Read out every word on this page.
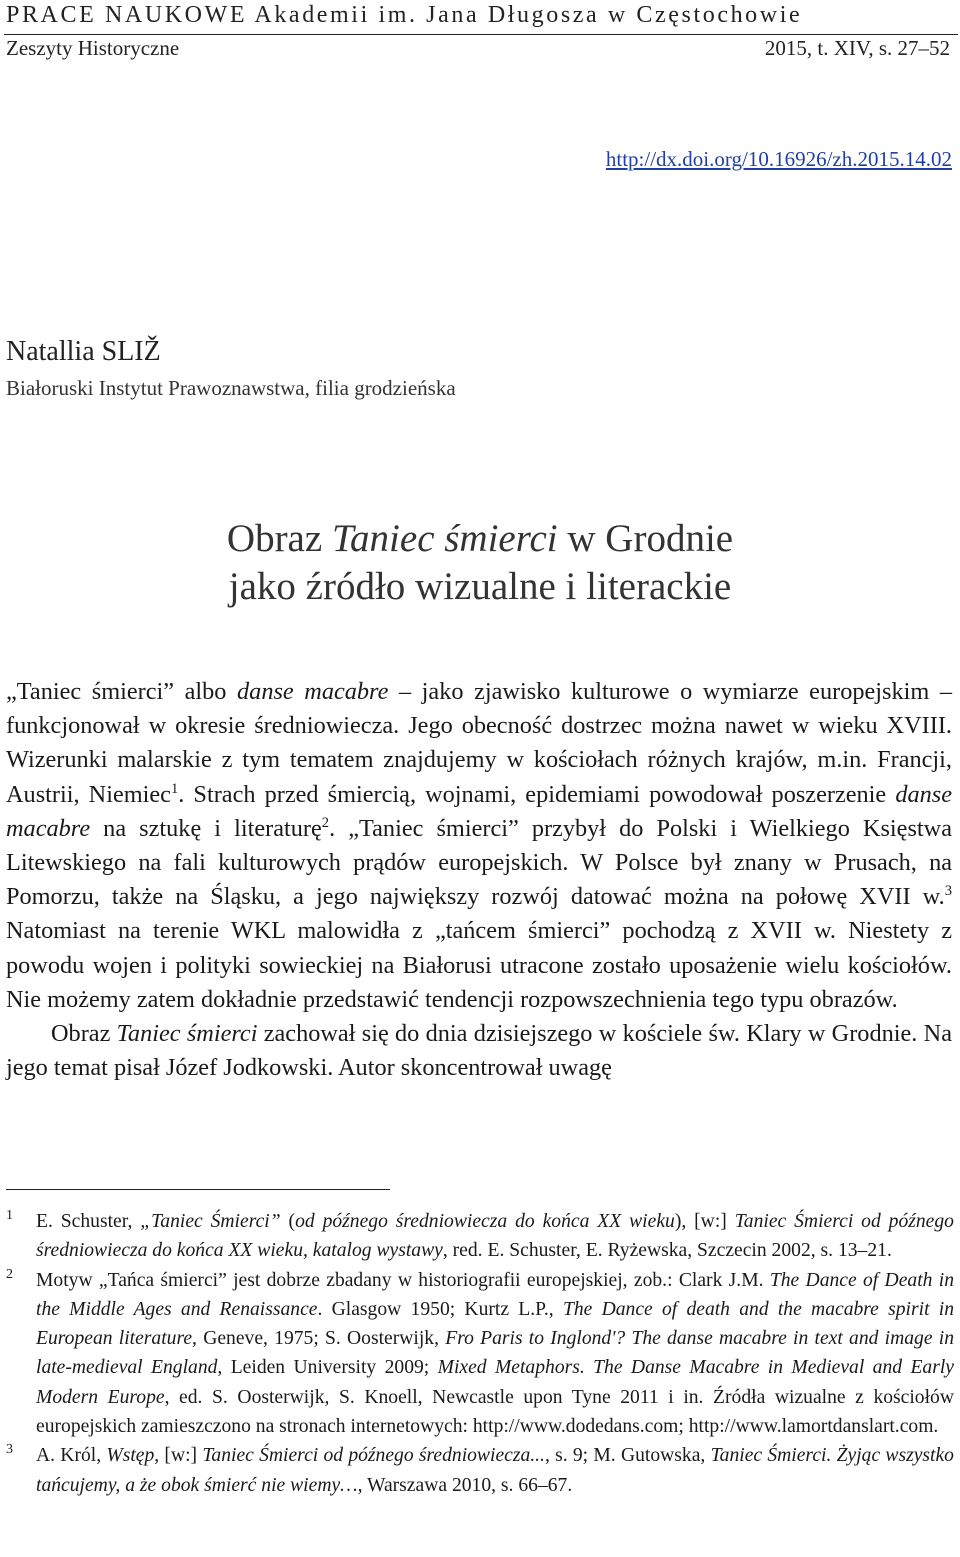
PRACE NAUKOWE Akademii im. Jana Długosza w Częstochowie
Zeszyty Historyczne	2015, t. XIV, s. 27–52
http://dx.doi.org/10.16926/zh.2015.14.02
Natallia SLIŽ
Białoruski Instytut Prawoznawstwa, filia grodzieńska
Obraz Taniec śmierci w Grodnie
jako źródło wizualne i literackie

„Taniec śmierci” albo danse macabre – jako zjawisko kulturowe o wymiarze europejskim – funkcjonował w okresie średniowiecza. Jego obecność dostrzec można nawet w wieku XVIII. Wizerunki malarskie z tym tematem znajdujemy w kościołach różnych krajów, m.in. Francji, Austrii, Niemiec$^1$. Strach przed śmiercią, wojnami, epidemiami powodował poszerzenie danse macabre na sztukę i literaturę$^2$. „Taniec śmierci” przybył do Polski i Wielkiego Księstwa Litewskiego na fali kulturowych prądów europejskich. W Polsce był znany w Prusach, na Pomorzu, także na Śląsku, a jego największy rozwój datować można na połowę XVII w.$^3$ Natomiast na terenie WKL malowidła z „tańcem śmierci” pochodzą z XVII w. Niestety z powodu wojen i polityki sowieckiej na Białorusi utracone zostało uposażenie wielu kościołów. Nie możemy zatem dokładnie przedstawić tendencji rozpowszechnienia tego typu obrazów.

Obraz Taniec śmierci zachował się do dnia dzisiejszego w kościele św. Klary w Grodnie. Na jego temat pisał Józef Jodkowski. Autor skoncentrował uwagę

1 E. Schuster, „Taniec Śmierci” (od późnego średniowiecza do końca XX wieku), [w:] Taniec Śmierci od późnego średniowiecza do końca XX wieku, katalog wystawy, red. E. Schuster, E. Ryżewska, Szczecin 2002, s. 13–21.
2 Motyw „Tańca śmierci” jest dobrze zbadany w historiografii europejskiej, zob.: Clark J.M. The Dance of Death in the Middle Ages and Renaissance. Glasgow 1950; Kurtz L.P., The Dance of death and the macabre spirit in European literature, Geneve, 1975; S. Oosterwijk, Fro Paris to Inglond'? The danse macabre in text and image in late-medieval England, Leiden University 2009; Mixed Metaphors. The Danse Macabre in Medieval and Early Modern Europe, ed. S. Oosterwijk, S. Knoell, Newcastle upon Tyne 2011 i in. Źródła wizualne z kościołów europejskich zamieszczono na stronach internetowych: http://www.dodedans.com; http://www.lamortdanslart.com.
3 A. Król, Wstęp, [w:] Taniec Śmierci od późnego średniowiecza..., s. 9; M. Gutowska, Taniec Śmierci. Żyjąc wszystko tańcujemy, a że obok śmierć nie wiemy…, Warszawa 2010, s. 66–67.
